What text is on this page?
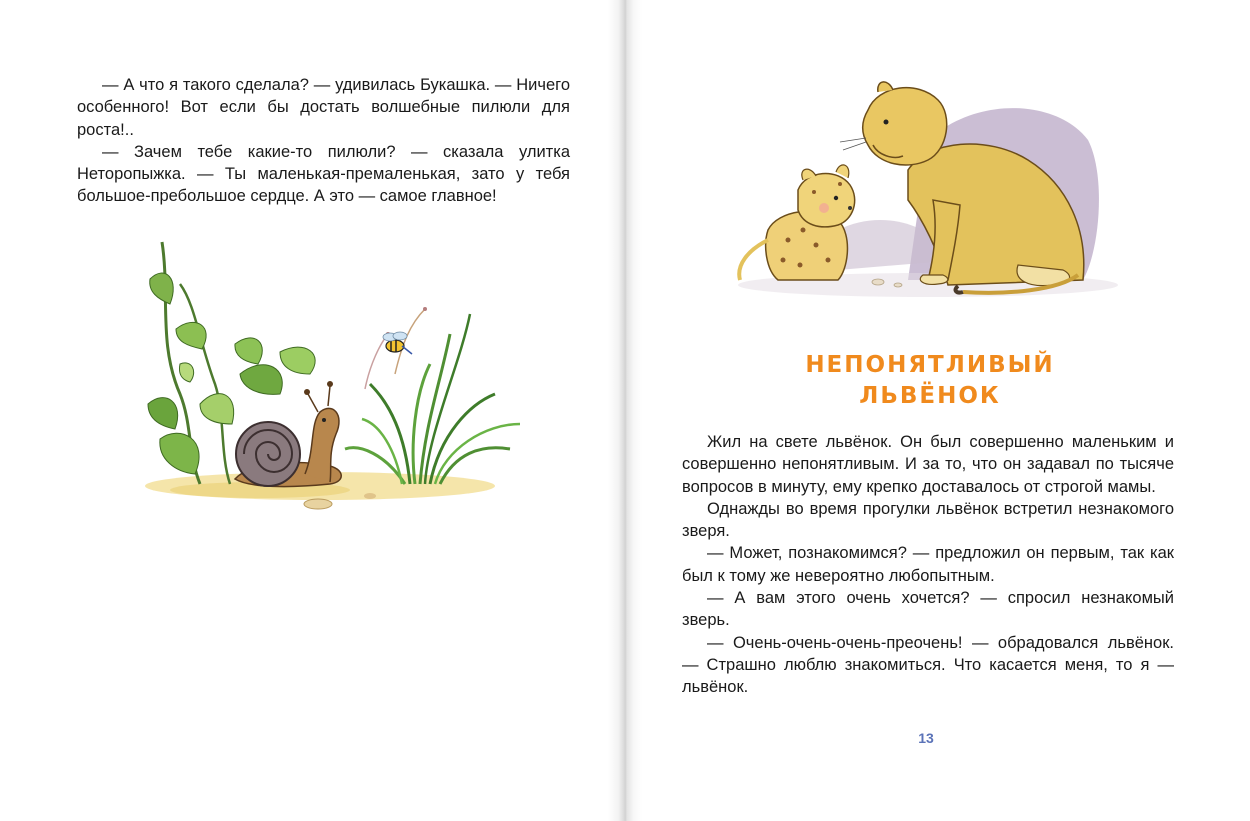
— А что я такого сделала? — удивилась Букашка. — Ничего особенного! Вот если бы достать волшебные пилюли для роста!..

— Зачем тебе какие-то пилюли? — сказала улитка Неторопыжка. — Ты маленькая-премаленькая, зато у тебя большое-пребольшое сердце. А это — самое главное!

НЕПОНЯТЛИВЫЙ
ЛЬВЁНОК

Жил на свете львёнок. Он был совершенно маленьким и совершенно непонятливым. И за то, что он задавал по тысяче вопросов в минуту, ему крепко доставалось от строгой мамы.

Однажды во время прогулки львёнок встретил незнакомого зверя.

— Может, познакомимся? — предложил он первым, так как был к тому же невероятно любопытным.

— А вам этого очень хочется? — спросил незнакомый зверь.

— Очень-очень-очень-преочень! — обрадовался львёнок. — Страшно люблю знакомиться. Что касается меня, то я — львёнок.

13
